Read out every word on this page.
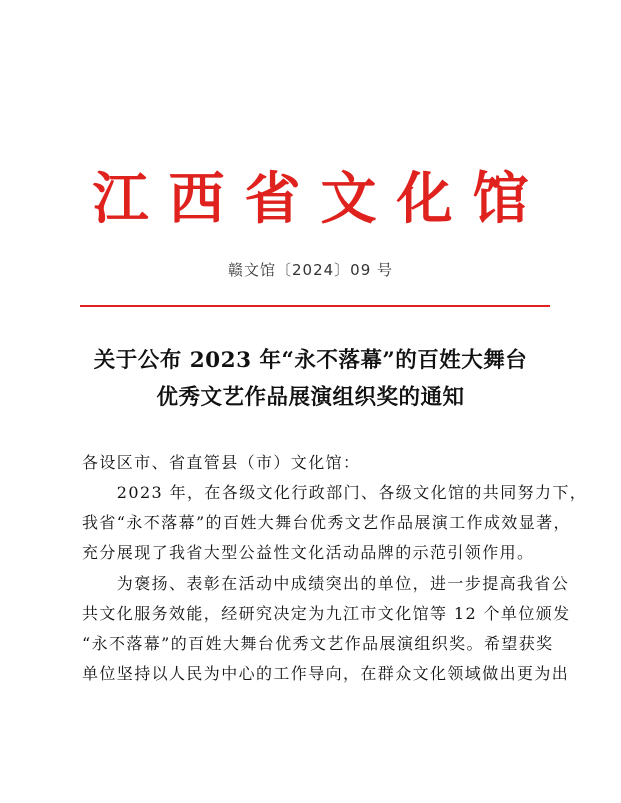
江西省文化馆
赣文馆〔2024〕09 号
关于公布 2023 年“永不落幕”的百姓大舞台
优秀文艺作品展演组织奖的通知
各设区市、省直管县（市）文化馆：
　　2023 年，在各级文化行政部门、各级文化馆的共同努力下，
我省“永不落幕”的百姓大舞台优秀文艺作品展演工作成效显著，
充分展现了我省大型公益性文化活动品牌的示范引领作用。
　　为褒扬、表彰在活动中成绩突出的单位，进一步提高我省公
共文化服务效能，经研究决定为九江市文化馆等 12 个单位颁发
“永不落幕”的百姓大舞台优秀文艺作品展演组织奖。希望获奖
单位坚持以人民为中心的工作导向，在群众文化领域做出更为出
